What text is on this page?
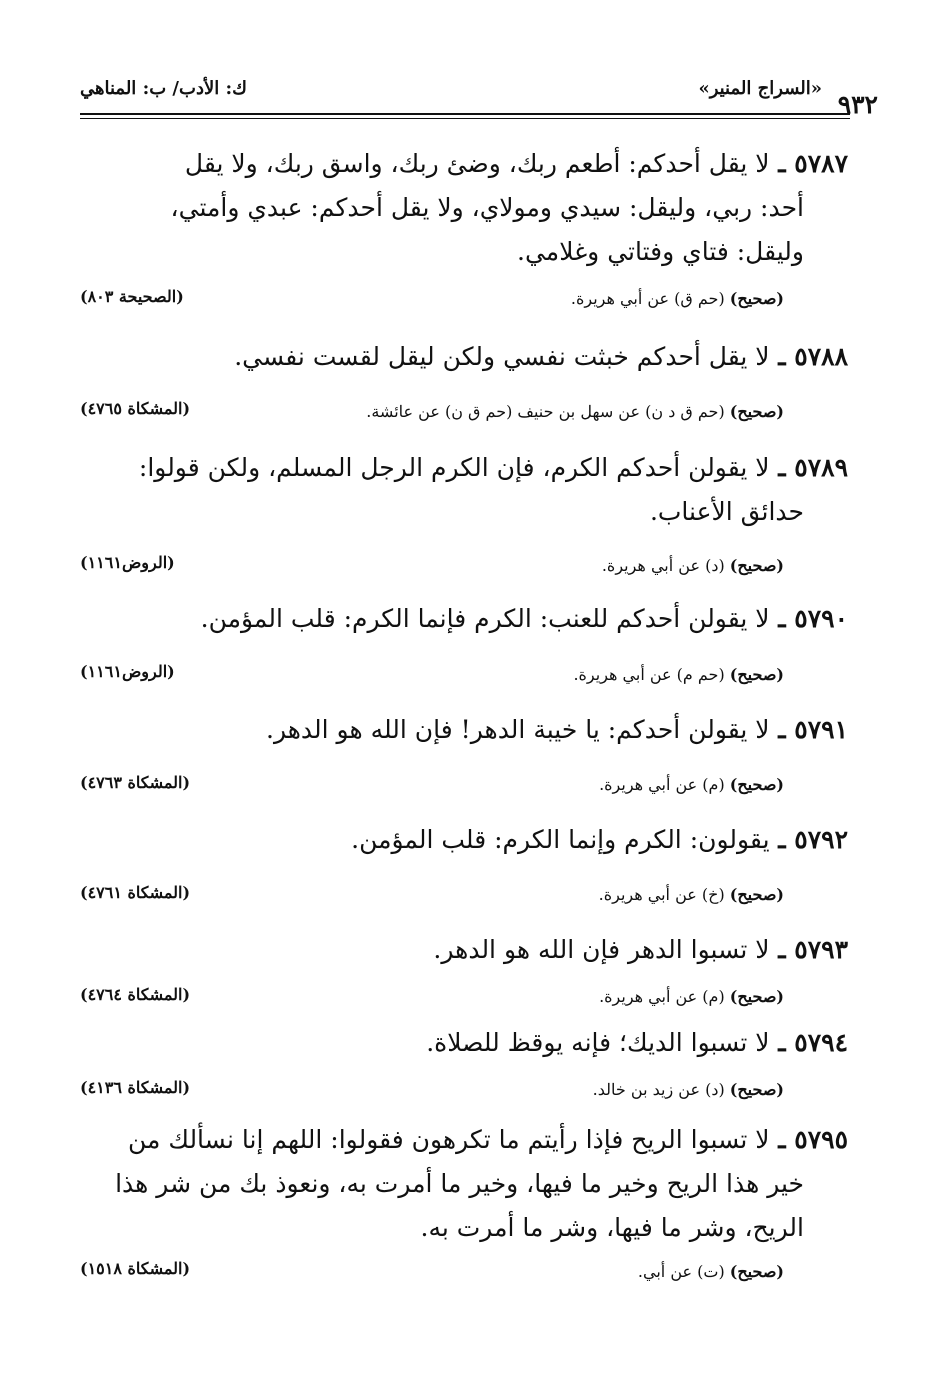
٩٣٢
«السراج المنير»
ك: الأدب/ ب: المناهي
٥٧٨٧ ـ لا يقل أحدكم: أطعم ربك، وضئ ربك، واسق ربك، ولا يقل
أحد: ربي، وليقل: سيدي ومولاي، ولا يقل أحدكم: عبدي وأمتي،
وليقل: فتاي وفتاتي وغلامي.
(صحيح) (حم ق) عن أبي هريرة.
(الصحيحة ٨٠٣)
٥٧٨٨ ـ لا يقل أحدكم خبثت نفسي ولكن ليقل لقست نفسي.
(صحيح) (حم ق د ن) عن سهل بن حنيف (حم ق ن) عن عائشة.
(المشكاة ٤٧٦٥)
٥٧٨٩ ـ لا يقولن أحدكم الكرم، فإن الكرم الرجل المسلم، ولكن قولوا:
حدائق الأعناب.
(صحيح) (د) عن أبي هريرة.
(الروض١١٦١)
٥٧٩٠ ـ لا يقولن أحدكم للعنب: الكرم فإنما الكرم: قلب المؤمن.
(صحيح) (حم م) عن أبي هريرة.
(الروض١١٦١)
٥٧٩١ ـ لا يقولن أحدكم: يا خيبة الدهر! فإن الله هو الدهر.
(صحيح) (م) عن أبي هريرة.
(المشكاة ٤٧٦٣)
٥٧٩٢ ـ يقولون: الكرم وإنما الكرم: قلب المؤمن.
(صحيح) (خ) عن أبي هريرة.
(المشكاة ٤٧٦١)
٥٧٩٣ ـ لا تسبوا الدهر فإن الله هو الدهر.
(صحيح) (م) عن أبي هريرة.
(المشكاة ٤٧٦٤)
٥٧٩٤ ـ لا تسبوا الديك؛ فإنه يوقظ للصلاة.
(صحيح) (د) عن زيد بن خالد.
(المشكاة ٤١٣٦)
٥٧٩٥ ـ لا تسبوا الريح فإذا رأيتم ما تكرهون فقولوا: اللهم إنا نسألك من
خير هذا الريح وخير ما فيها، وخير ما أمرت به، ونعوذ بك من شر هذا
الريح، وشر ما فيها، وشر ما أمرت به.
(صحيح) (ت) عن أبي.
(المشكاة ١٥١٨)
